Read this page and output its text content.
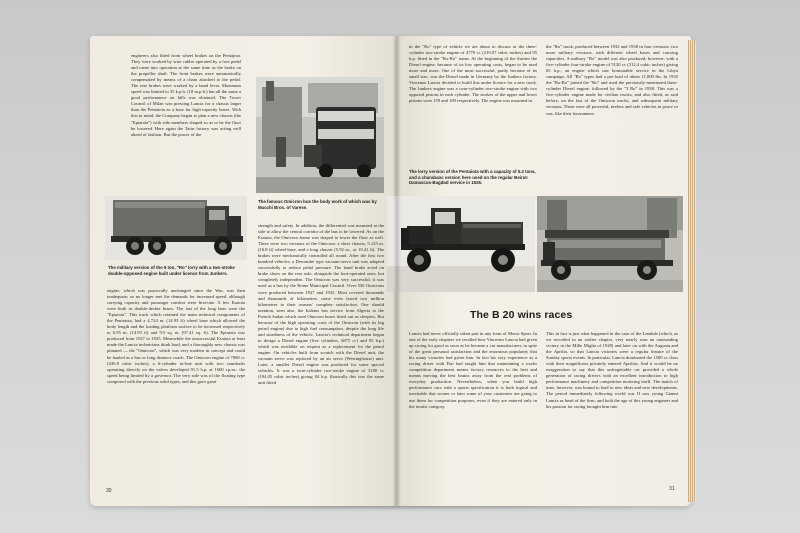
engineers also fitted from wheel brakes on the Pentajota. They were worked by wire cables operated by a foot pedal and came into operation at the same time as the brake on the propeller shaft. The front brakes were automatically compensated by means of a chain attached to the pedal. The rear brakes were worked by a hand lever. Maximum speed was limited to 35 k.p.h. (18 m.p.h.) but all the same a good performance on hills was obtained. The Tower Council of Milan was pressing Lancia for a chassis larger than the Pentaiota as a base for high-capacity buses. With this in mind, the Company began to plan a new chassis (the "Eptaiota") with side members shaped so as to be the floor be lowered. Here again the Tarin factory was acting well ahead of fashion. But the power of the
The famous Omicron bus the body work of which was by Macchi Bros. of Varese.
The military version of the 5 ton, "Ro" lorry with a two-stroke double-opposed engine built under licence from Junkers.
engine, which was practically unchanged since the War, was then inadequate; so no longer met the demands for increased speed, although carrying capacity and passenger comfort were first-rate. A few Esaiota were built as double-decker buses. The last of the long lasts were the "Eptaiota". This truck which retained the main technical components of the Pentaiota, had a 4.724 m. (14.93 ft) wheel base which allowed the body length and the loading platform surface to be increased respectively to 6.95 m. (14.93 ft) and 9.5 sq. m. (97.41 sq. ft). The Eptaiota was produced from 1927 to 1935. Meanwhile the unsuccessful Esaiota at least made the Lancia technicians think hard, and a thoroughly new chassis was planned — the "Omicron", which was very modern in concept and could be hauled as a bus or long distance coach. The Omicron engine of 7060 cc (430.8 cubic inches), a 6-cylinder in-line unit with two camshafts operating directly on the valves developed 91.5 h.p. at 1600 r.p.m.: the speed being limited by a governor. The very side was of the floating type composed with the previous solid types, and this gave great
strength and safety. In addition, the differential was mounted at the side to allow the central corridor of the bus to be lowered. As on the Esaiota, the Omicron frame was shaped to lower the floor as well. There were two versions of the Omicron: a short chassis, 5.125 m. (16.8 ft) wheel-base, and a long chassis (5.92 m., or 19.41 ft). The brakes were mechanically controlled all round. After the first two hundred vehicles, a Dewandre type vacuum-servo unit was adopted successfully to reduce pedal pressure. The hand brake acted on brake shoes on the rear axle, alongside the foot-operated ones, but completely independent. The Omicron was very successful: it was used as a bus by the Rome Municipal Council. Over 550 Omicrons were produced between 1927 and 1935. Most covered thousands and thousands of kilometres, some even lasted two million kilometres to their owners' complete satisfaction. One should mention, seen also, the Italians bus service from Algeria to the French Sudan which used Omicron buses fitted out as sleepers. But because of the high operating costs of the Omicron (with its big petrol engine) due to high fuel consumption, despite the long life and sturdiness of the vehicle, Lancia's technical department began to design a Diesel engine (five cylinders, 6875 cc) and 95 h.p.) which was available on request as a replacement for the petrol engine. On vehicles built from scratch with the Diesel unit, the vacuum servo was replaced by an air servo (Westinghouse) unit. Later, a smaller Diesel engine was produced for some special vehicles. It was a twin-cylinder two-stroke engine of 3180 cc (194.05 cubic inches) giving 84 h.p. (basically this was the same unit fitted
30
in the "Ro" type of vehicle we are about to discuss or the three-cylinder two-stroke engine of 4770 cc (219.07 cubic inches) and 95 h.p. fitted in the "Ro-Ro" trains. At the beginning of the thirties the Diesel engine, because of its low operating costs, began to be used more and more. One of the most successful, partly because of its small size, was the Diesel made in Germany by the Junkers factory. Vincenzo Lancia decided to build this under licence for a new truck. The Junkers engine was a twin-cylinder two-stroke engine with two opposed pistons in each cylinder. The strokes of the upper and lower pistons were 159 and 180 respectively. The engine was mounted in
The lorry version of the Pentaiota with a capacity of 5.2 tons, and a charabanc version here used on the regular Beirut-Damascus-Bagdad service in 1926.
the "Ro" truck, produced between 1932 and 1938 in four versions: two more military versions, with different wheel bases and carrying capacities. A military "Ro" model was also produced, however, with a five-cylinder four-stroke engine of 5120 cc (312.4 cubic inches) giving 65 h.p.; an engine which saw honourable service in the Libya campaign. All "Ro" types had a pre-load of about 11,000 lbs. In 1935 the "Ro-Ro" joined the "Ro" and used the previously-mentioned three-cylinder Diesel engine, followed by the "3 Ro" in 1938. This was a five-cylinder engine made for civilian trucks, and also fitted, as said before, on the last of the Omicron trucks, and subsequent military versions. These were all powerful, tireless and safe vehicles in peace or war, like their forerunners.
The B 20 wins races
Lancia had never officially taken part in any form of Motor Sport. In one of the early chapters we recalled how Vincenzo Lancia had given up racing for good as soon as he became a car manufacturer, in spite of the great personal satisfaction and the enormous popularity that his many victories had given him. In fact his very experience as a racing driver with Fiat had taught him that maintaining a works competition department means factory resources to the best and means moving the best brains away from the real problems of everyday production. Nevertheless, when you build high performance cars with a sports specification it is both logical and inevitable that sooner or later some of your customers are going to use them for competition purposes, even if they are entered only in the tourist category.
This in fact is just what happened in the case of the Lambda (which, as we recorded in an earlier chapter, very nearly won an outstanding victory in the Mille Miglia of 1928) and later on with the Augusta and the Aprilia, so that Lancia victories were a regular feature of the Sunday sports events. In particular, Lancia dominated the 1500 cc class with their magnificent privately entered Aprilias. And it would be no exaggeration to say that this unforgettable car provided a whole generation of racing drivers with an excellent introduction to high performance machinery and competition motoring itself. The match of time, however, was bound to lead to new ideas and new developments. The period immediately following world war II saw young Gianni Lancia as head of the firm; and both the age of this young engineer and his passion for racing brought him into
31
